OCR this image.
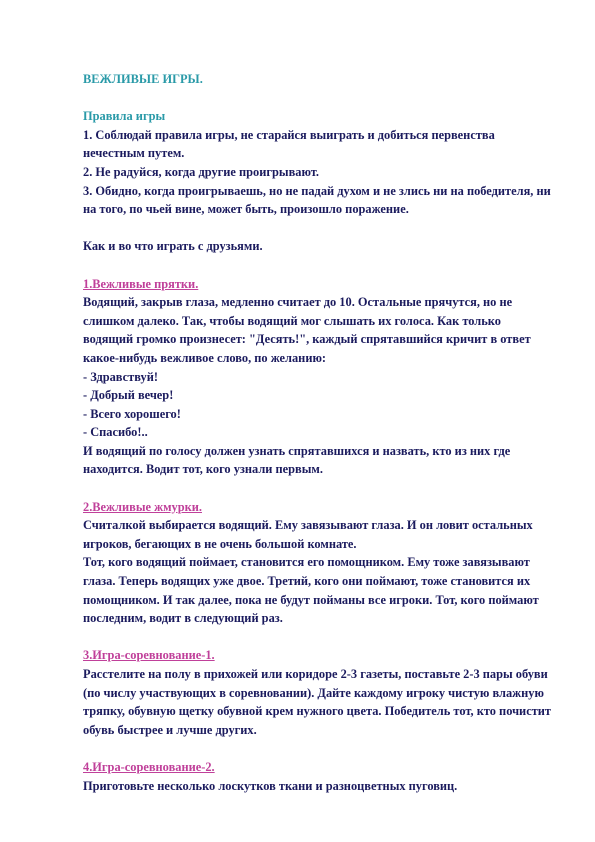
ВЕЖЛИВЫЕ ИГРЫ.

Правила игры

1. Соблюдай правила игры, не старайся выиграть и добиться первенства нечестным путем.

2. Не радуйся, когда другие проигрывают.

3. Обидно, когда проигрываешь, но не падай духом и не злись ни на победителя, ни на того, по чьей вине, может быть, произошло поражение.

Как и во что играть с друзьями.

1.Вежливые прятки.

Водящий, закрыв глаза, медленно считает до 10. Остальные прячутся, но не слишком далеко. Так, чтобы водящий мог слышать их голоса. Как только водящий громко произнесет: "Десять!", каждый спрятавшийся кричит в ответ какое-нибудь вежливое слово, по желанию:

- Здравствуй!

- Добрый вечер!

- Всего хорошего!

- Спасибо!..

И водящий по голосу должен узнать спрятавшихся и назвать, кто из них где находится. Водит тот, кого узнали первым.

2.Вежливые жмурки.

Считалкой выбирается водящий. Ему завязывают глаза. И он ловит остальных игроков, бегающих в не очень большой комнате.

Тот, кого водящий поймает, становится его помощником. Ему тоже завязывают глаза. Теперь водящих уже двое. Третий, кого они поймают, тоже становится их помощником. И так далее, пока не будут пойманы все игроки. Тот, кого поймают последним, водит в следующий раз.

3.Игра-соревнование-1.

Расстелите на полу в прихожей или коридоре 2-3 газеты, поставьте 2-3 пары обуви (по числу участвующих в соревновании). Дайте каждому игроку чистую влажную тряпку, обувную щетку обувной крем нужного цвета. Победитель тот, кто почистит обувь быстрее и лучше других.

4.Игра-соревнование-2.

Приготовьте несколько лоскутков ткани и разноцветных пуговиц.
